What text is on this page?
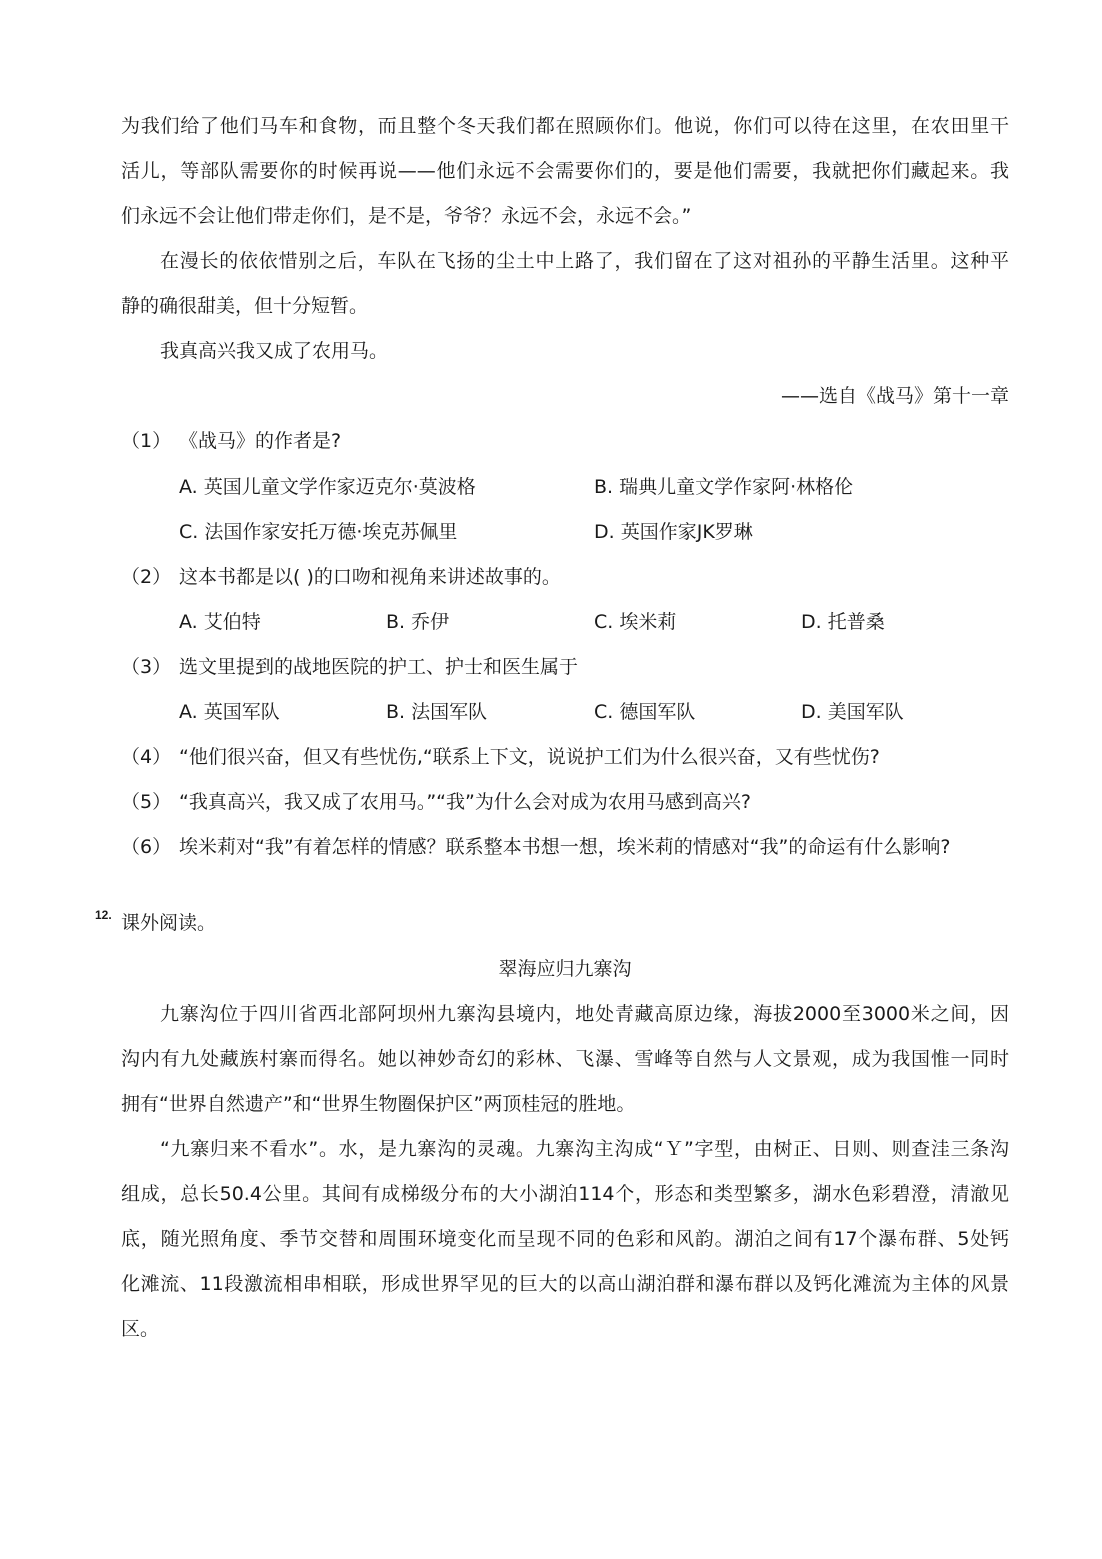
为我们给了他们马车和食物，而且整个冬天我们都在照顾你们。他说，你们可以待在这里，在农田里干
活儿，等部队需要你的时候再说——他们永远不会需要你们的，要是他们需要，我就把你们藏起来。我
们永远不会让他们带走你们，是不是，爷爷？永远不会，永远不会。”
在漫长的依依惜别之后，车队在飞扬的尘土中上路了，我们留在了这对祖孙的平静生活里。这种平
静的确很甜美，但十分短暂。
我真高兴我又成了农用马。
——选自《战马》第十一章
（1） 《战马》的作者是?
A. 英国儿童文学作家迈克尔·莫波格	B. 瑞典儿童文学作家阿·林格伦
C. 法国作家安托万德·埃克苏佩里	D. 英国作家JK罗琳
（2） 这本书都是以( )的口吻和视角来讲述故事的。
A. 艾伯特	B. 乔伊	C. 埃米莉	D. 托普桑
（3） 选文里提到的战地医院的护工、护士和医生属于
A. 英国军队	B. 法国军队	C. 德国军队	D. 美国军队
（4） “他们很兴奋，但又有些忧伤,“联系上下文，说说护工们为什么很兴奋，又有些忧伤?
（5） “我真高兴，我又成了农用马。”“我”为什么会对成为农用马感到高兴?
（6） 埃米莉对“我”有着怎样的情感？联系整本书想一想，埃米莉的情感对“我”的命运有什么影响?
12. 课外阅读。
翠海应归九寨沟
九寨沟位于四川省西北部阿坝州九寨沟县境内，地处青藏高原边缘，海拔2000至3000米之间，因
沟内有九处藏族村寨而得名。她以神妙奇幻的彩林、飞瀑、雪峰等自然与人文景观，成为我国惟一同时
拥有“世界自然遗产”和“世界生物圈保护区”两顶桂冠的胜地。
“九寨归来不看水”。水，是九寨沟的灵魂。九寨沟主沟成“Ｙ”字型，由树正、日则、则查洼三条沟
组成，总长50.4公里。其间有成梯级分布的大小湖泊114个，形态和类型繁多，湖水色彩碧澄，清澈见
底，随光照角度、季节交替和周围环境变化而呈现不同的色彩和风韵。湖泊之间有17个瀑布群、5处钙
化滩流、11段激流相串相联，形成世界罕见的巨大的以高山湖泊群和瀑布群以及钙化滩流为主体的风景
区。
